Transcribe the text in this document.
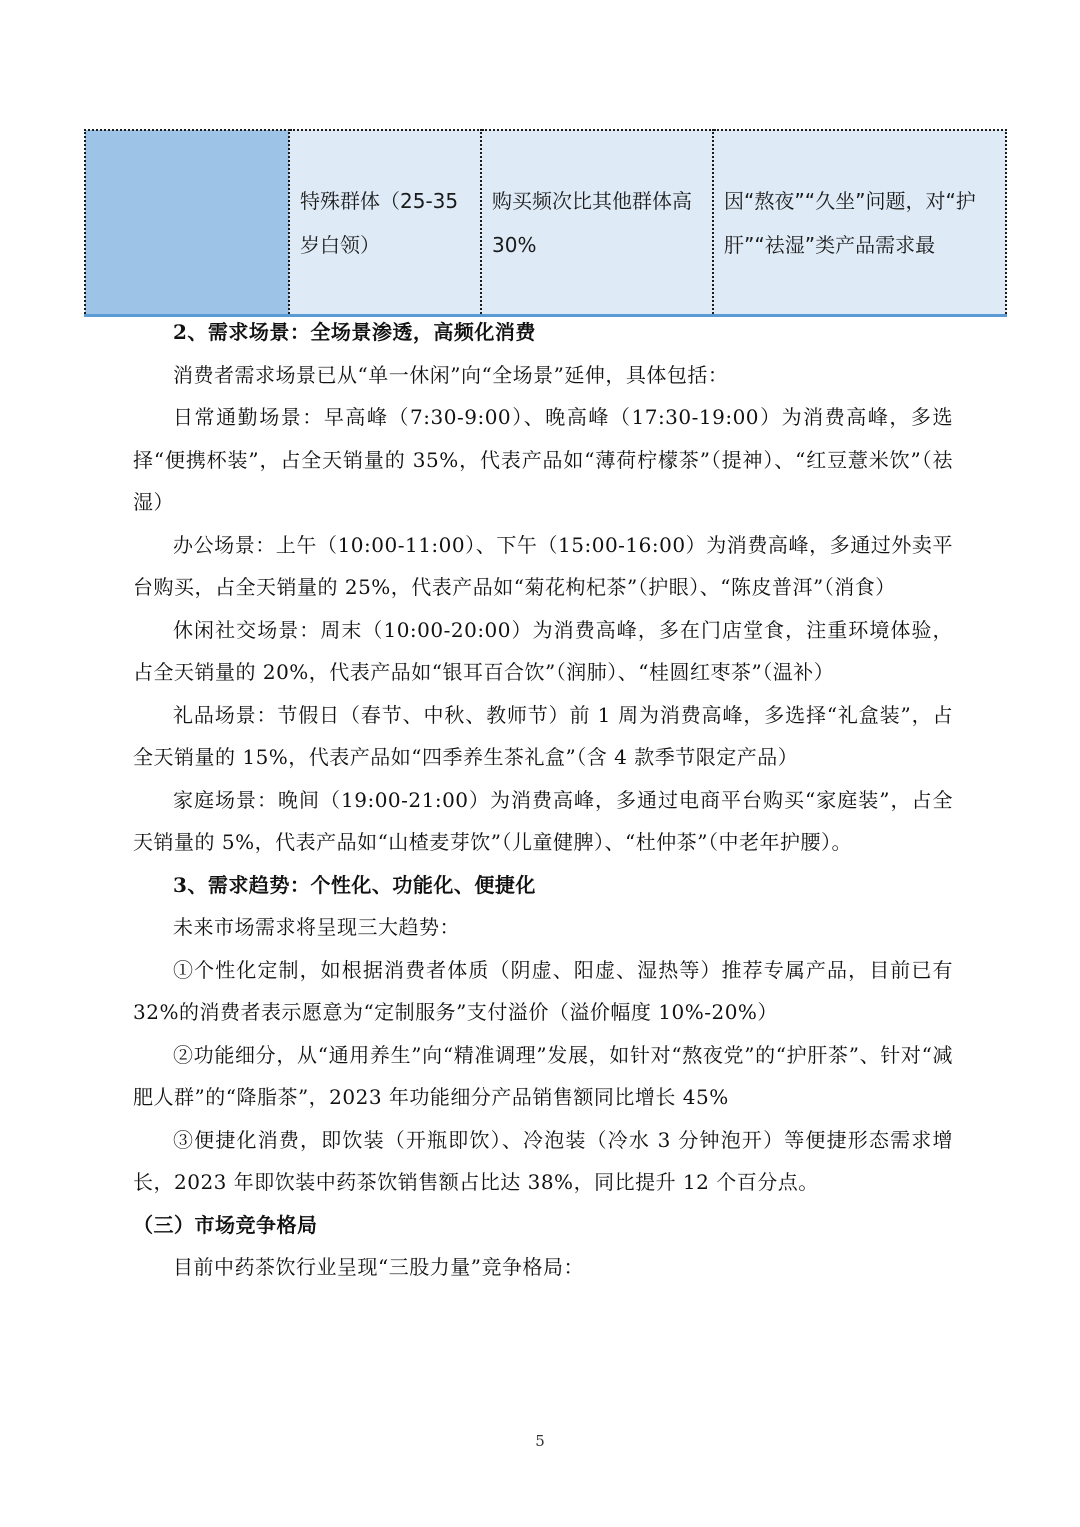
	特殊群体（25-35岁白领）	购买频次比其他群体高 30%	因“熬夜”“久坐”问题，对“护肝”“祛湿”类产品需求最

2、需求场景：全场景渗透，高频化消费

消费者需求场景已从“单一休闲”向“全场景”延伸，具体包括：

日常通勤场景：早高峰（7:30-9:00）、晚高峰（17:30-19:00）为消费高峰，多选择“便携杯装”，占全天销量的 35%，代表产品如“薄荷柠檬茶”（提神）、“红豆薏米饮”（祛湿）

办公场景：上午（10:00-11:00）、下午（15:00-16:00）为消费高峰，多通过外卖平台购买，占全天销量的 25%，代表产品如“菊花枸杞茶”（护眼）、“陈皮普洱”（消食）

休闲社交场景：周末（10:00-20:00）为消费高峰，多在门店堂食，注重环境体验，占全天销量的 20%，代表产品如“银耳百合饮”（润肺）、“桂圆红枣茶”（温补）

礼品场景：节假日（春节、中秋、教师节）前 1 周为消费高峰，多选择“礼盒装”，占全天销量的 15%，代表产品如“四季养生茶礼盒”（含 4 款季节限定产品）

家庭场景：晚间（19:00-21:00）为消费高峰，多通过电商平台购买“家庭装”，占全天销量的 5%，代表产品如“山楂麦芽饮”（儿童健脾）、“杜仲茶”（中老年护腰）。

3、需求趋势：个性化、功能化、便捷化

未来市场需求将呈现三大趋势：

①个性化定制，如根据消费者体质（阴虚、阳虚、湿热等）推荐专属产品，目前已有 32%的消费者表示愿意为“定制服务”支付溢价（溢价幅度 10%-20%）

②功能细分，从“通用养生”向“精准调理”发展，如针对“熬夜党”的“护肝茶”、针对“减肥人群”的“降脂茶”，2023 年功能细分产品销售额同比增长 45%

③便捷化消费，即饮装（开瓶即饮）、冷泡装（冷水 3 分钟泡开）等便捷形态需求增长，2023 年即饮装中药茶饮销售额占比达 38%，同比提升 12 个百分点。

（三）市场竞争格局

目前中药茶饮行业呈现“三股力量”竞争格局：

5
